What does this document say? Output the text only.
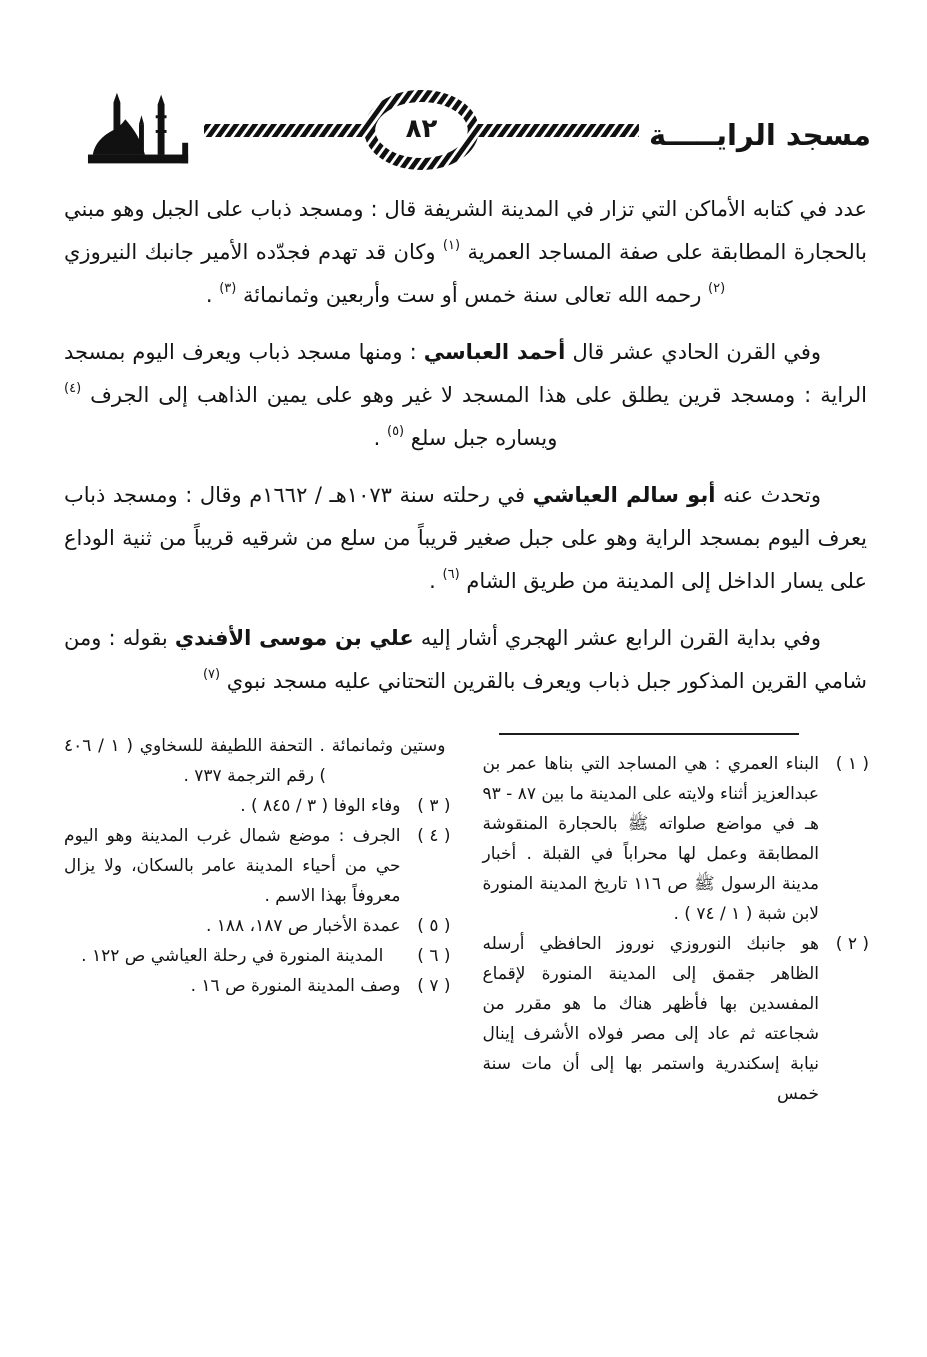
٨٢	مسجد الرايـــــة

عدد في كتابه الأماكن التي تزار في المدينة الشريفة قال : ومسجد ذباب على الجبل وهو مبني بالحجارة المطابقة على صفة المساجد العمرية $^{(١)}$ وكان قد تهدم فجدّده الأمير جانبك النيروزي $^{(٢)}$ رحمه الله تعالى سنة خمس أو ست وأربعين وثمانمائة $^{(٣)}$ .

وفي القرن الحادي عشر قال أحمد العباسي : ومنها مسجد ذباب ويعرف اليوم بمسجد الراية : ومسجد قرين يطلق على هذا المسجد لا غير وهو على يمين الذاهب إلى الجرف $^{(٤)}$ ويساره جبل سلع $^{(٥)}$ .

وتحدث عنه أبو سالم العياشي في رحلته سنة ١٠٧٣هـ / ١٦٦٢م وقال : ومسجد ذباب يعرف اليوم بمسجد الراية وهو على جبل صغير قريباً من سلع من شرقيه قريباً من ثنية الوداع على يسار الداخل إلى المدينة من طريق الشام $^{(٦)}$ .

وفي بداية القرن الرابع عشر الهجري أشار إليه علي بن موسى الأفندي بقوله : ومن شامي القرين المذكور جبل ذباب ويعرف بالقرين التحتاني عليه مسجد نبوي $^{(٧)}$

( ١ )
البناء العمري : هي المساجد التي بناها عمر بن عبدالعزيز أثناء ولايته على المدينة ما بين ٨٧ - ٩٣ هـ في مواضع صلواته ﷺ بالحجارة المنقوشة المطابقة وعمل لها محراباً في القبلة . أخبار مدينة الرسول ﷺ ص ١١٦ تاريخ المدينة المنورة لابن شبة ( ١ / ٧٤ ) .
( ٢ )
هو جانبك النوروزي نوروز الحافظي أرسله الظاهر جقمق إلى المدينة المنورة لإقماع المفسدين بها فأظهر هناك ما هو مقرر من شجاعته ثم عاد إلى مصر فولاه الأشرف إينال نيابة إسكندرية واستمر بها إلى أن مات سنة خمس
وستين وثمانمائة . التحفة اللطيفة للسخاوي ( ١ / ٤٠٦ ) رقم الترجمة ٧٣٧ .
( ٣ )
وفاء الوفا ( ٣ / ٨٤٥ ) .
( ٤ )
الجرف : موضع شمال غرب المدينة وهو اليوم حي من أحياء المدينة عامر بالسكان، ولا يزال معروفاً بهذا الاسم .
( ٥ )
عمدة الأخبار ص ١٨٧، ١٨٨ .
( ٦ )
المدينة المنورة في رحلة العياشي ص ١٢٢ .
( ٧ )
وصف المدينة المنورة ص ١٦ .
